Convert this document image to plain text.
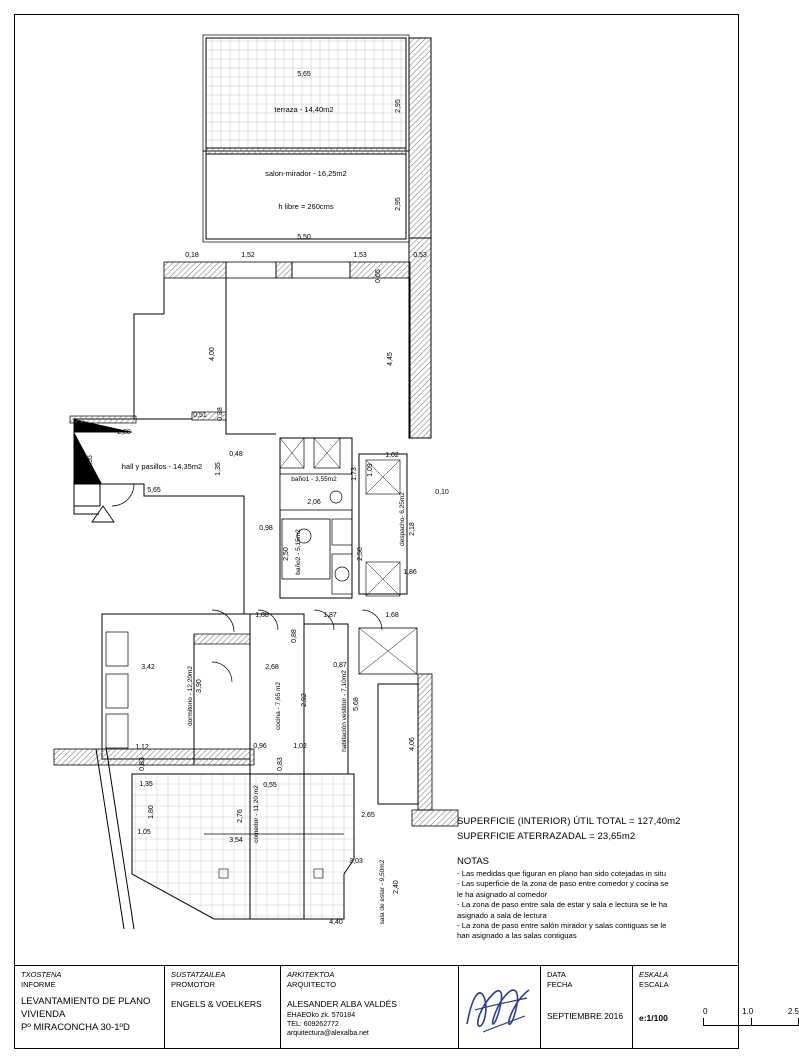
5,65
2,95
2,95
5,50
0,18	1,52	1,53	0,53
0,65
4,00	4,45
0,51 0,38
2,88
2,05
1,35
0,48
5,65
1,02
1,09
0,10
1,73
2,06
2,18
0,98
2,50
2,50
1,86
1,88	1,87	1,68
0,88
3,42
3,90
2,68	0,87
2,92	5,68
1,12	0,96	1,02	4,06
0,83	0,83
1,35	0,55
1,80	2,76
1,05
3,54
2,65
3,03
2,40
4,40
terraza - 14,40m2
salon-mirador - 16,25m2
h libre = 260cms
hall y pasillos - 14,35m2
baño1 - 3,55m2
baño2 - 5,15m2
despacho- 6,25m2
dormitorio - 12,20m2	habitación vestidor - 7,10m2
cocina - 7,65 m2
comedor - 11,20 m2
sala de estar - 9,50m2
SUPERFICIE (INTERIOR) ÚTIL TOTAL = 127,40m2
SUPERFICIE ATERRAZADAL = 23,65m2
NOTAS
- Las medidas que figuran en plano han sido cotejadas in situ
- Las superficie de la zona de paso entre comedor y cocina se
le ha asignado al comedor
- La zona de paso entre sala de estar y sala e lectura se le ha
asignado a sala de lectura
- La zona de paso entre salón mirador y salas contiguas se le
han asignado a las salas contiguas
TXOSTENA
INFORME
LEVANTAMIENTO DE PLANO
VIVIENDA
Pº MIRACONCHA 30-1ºD
SUSTATZAILEA
PROMOTOR
ENGELS & VOELKERS
ARKITEKTOA
ARQUITECTO
ALESANDER ALBA VALDÉS
EHAEOko zk. 570184
TEL: 609262772
arquitectura@alexalba.net
DATA
FECHA
SEPTIEMBRE 2016
ESKALA
ESCALA
e:1/100
0	1.0	2.5
